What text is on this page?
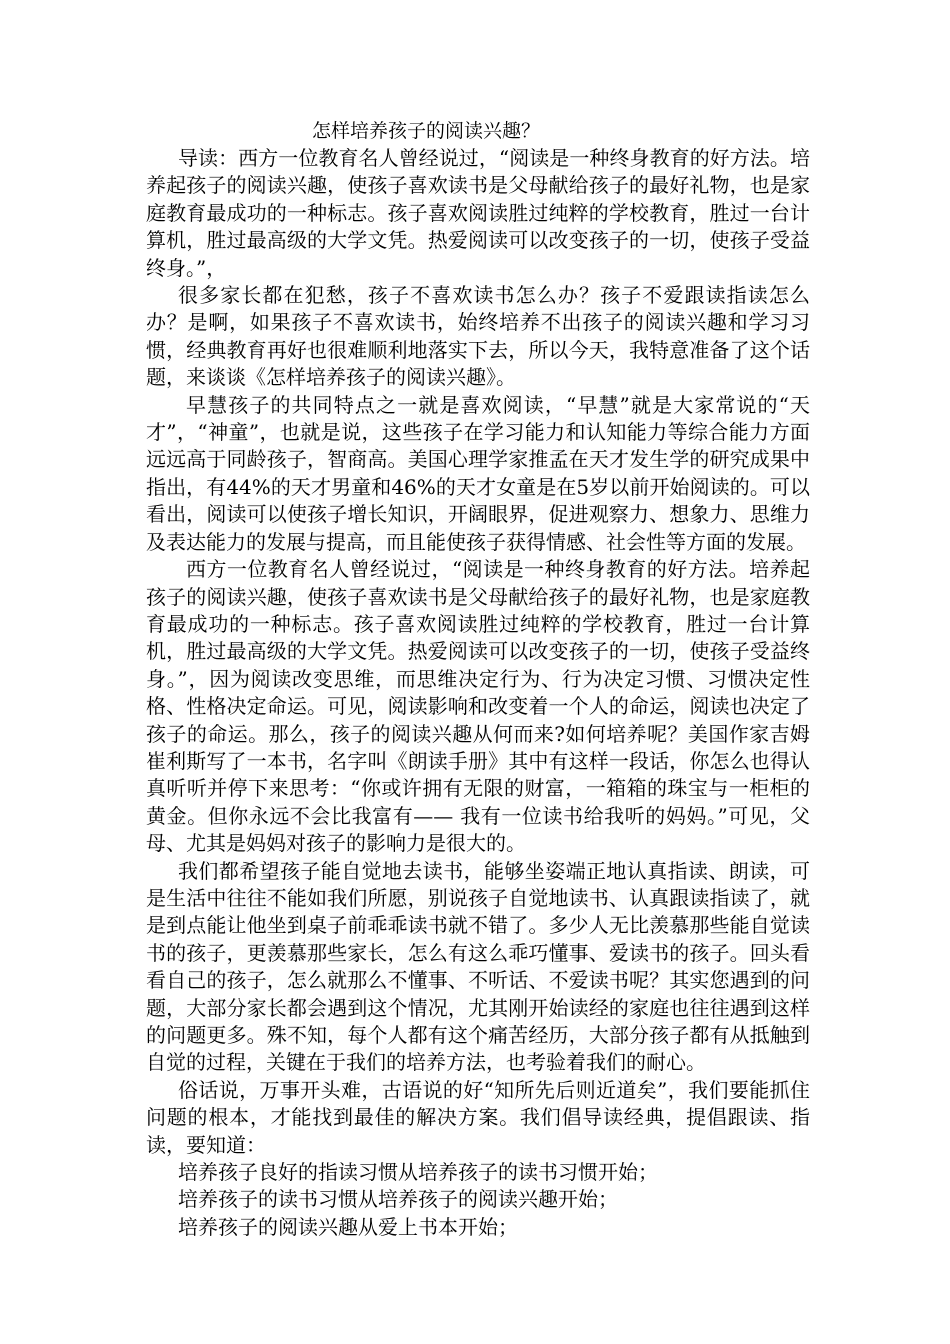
怎样培养孩子的阅读兴趣？

导读：西方一位教育名人曾经说过，“阅读是一种终身教育的好方法。培养起孩子的阅读兴趣，使孩子喜欢读书是父母献给孩子的最好礼物，也是家庭教育最成功的一种标志。孩子喜欢阅读胜过纯粹的学校教育，胜过一台计算机，胜过最高级的大学文凭。热爱阅读可以改变孩子的一切，使孩子受益终身。”，

很多家长都在犯愁，孩子不喜欢读书怎么办？孩子不爱跟读指读怎么办？是啊，如果孩子不喜欢读书，始终培养不出孩子的阅读兴趣和学习习惯，经典教育再好也很难顺利地落实下去，所以今天，我特意准备了这个话题，来谈谈《怎样培养孩子的阅读兴趣》。

早慧孩子的共同特点之一就是喜欢阅读，“早慧”就是大家常说的“天才”，“神童”，也就是说，这些孩子在学习能力和认知能力等综合能力方面远远高于同龄孩子，智商高。美国心理学家推孟在天才发生学的研究成果中指出，有44%的天才男童和46%的天才女童是在5岁以前开始阅读的。可以看出，阅读可以使孩子增长知识，开阔眼界，促进观察力、想象力、思维力及表达能力的发展与提高，而且能使孩子获得情感、社会性等方面的发展。

西方一位教育名人曾经说过，“阅读是一种终身教育的好方法。培养起孩子的阅读兴趣，使孩子喜欢读书是父母献给孩子的最好礼物，也是家庭教育最成功的一种标志。孩子喜欢阅读胜过纯粹的学校教育，胜过一台计算机，胜过最高级的大学文凭。热爱阅读可以改变孩子的一切，使孩子受益终身。”，因为阅读改变思维，而思维决定行为、行为决定习惯、习惯决定性格、性格决定命运。可见，阅读影响和改变着一个人的命运，阅读也决定了孩子的命运。那么，孩子的阅读兴趣从何而来?如何培养呢？美国作家吉姆崔利斯写了一本书，名字叫《朗读手册》其中有这样一段话，你怎么也得认真听听并停下来思考：“你或许拥有无限的财富，一箱箱的珠宝与一柜柜的黄金。但你永远不会比我富有—— 我有一位读书给我听的妈妈。”可见，父母、尤其是妈妈对孩子的影响力是很大的。

我们都希望孩子能自觉地去读书，能够坐姿端正地认真指读、朗读，可是生活中往往不能如我们所愿，别说孩子自觉地读书、认真跟读指读了，就是到点能让他坐到桌子前乖乖读书就不错了。多少人无比羡慕那些能自觉读书的孩子，更羡慕那些家长，怎么有这么乖巧懂事、爱读书的孩子。回头看看自己的孩子，怎么就那么不懂事、不听话、不爱读书呢？其实您遇到的问题，大部分家长都会遇到这个情况，尤其刚开始读经的家庭也往往遇到这样的问题更多。殊不知，每个人都有这个痛苦经历，大部分孩子都有从抵触到自觉的过程，关键在于我们的培养方法，也考验着我们的耐心。

俗话说，万事开头难，古语说的好“知所先后则近道矣”，我们要能抓住问题的根本，才能找到最佳的解决方案。我们倡导读经典，提倡跟读、指读，要知道：

培养孩子良好的指读习惯从培养孩子的读书习惯开始；

培养孩子的读书习惯从培养孩子的阅读兴趣开始；

培养孩子的阅读兴趣从爱上书本开始；
